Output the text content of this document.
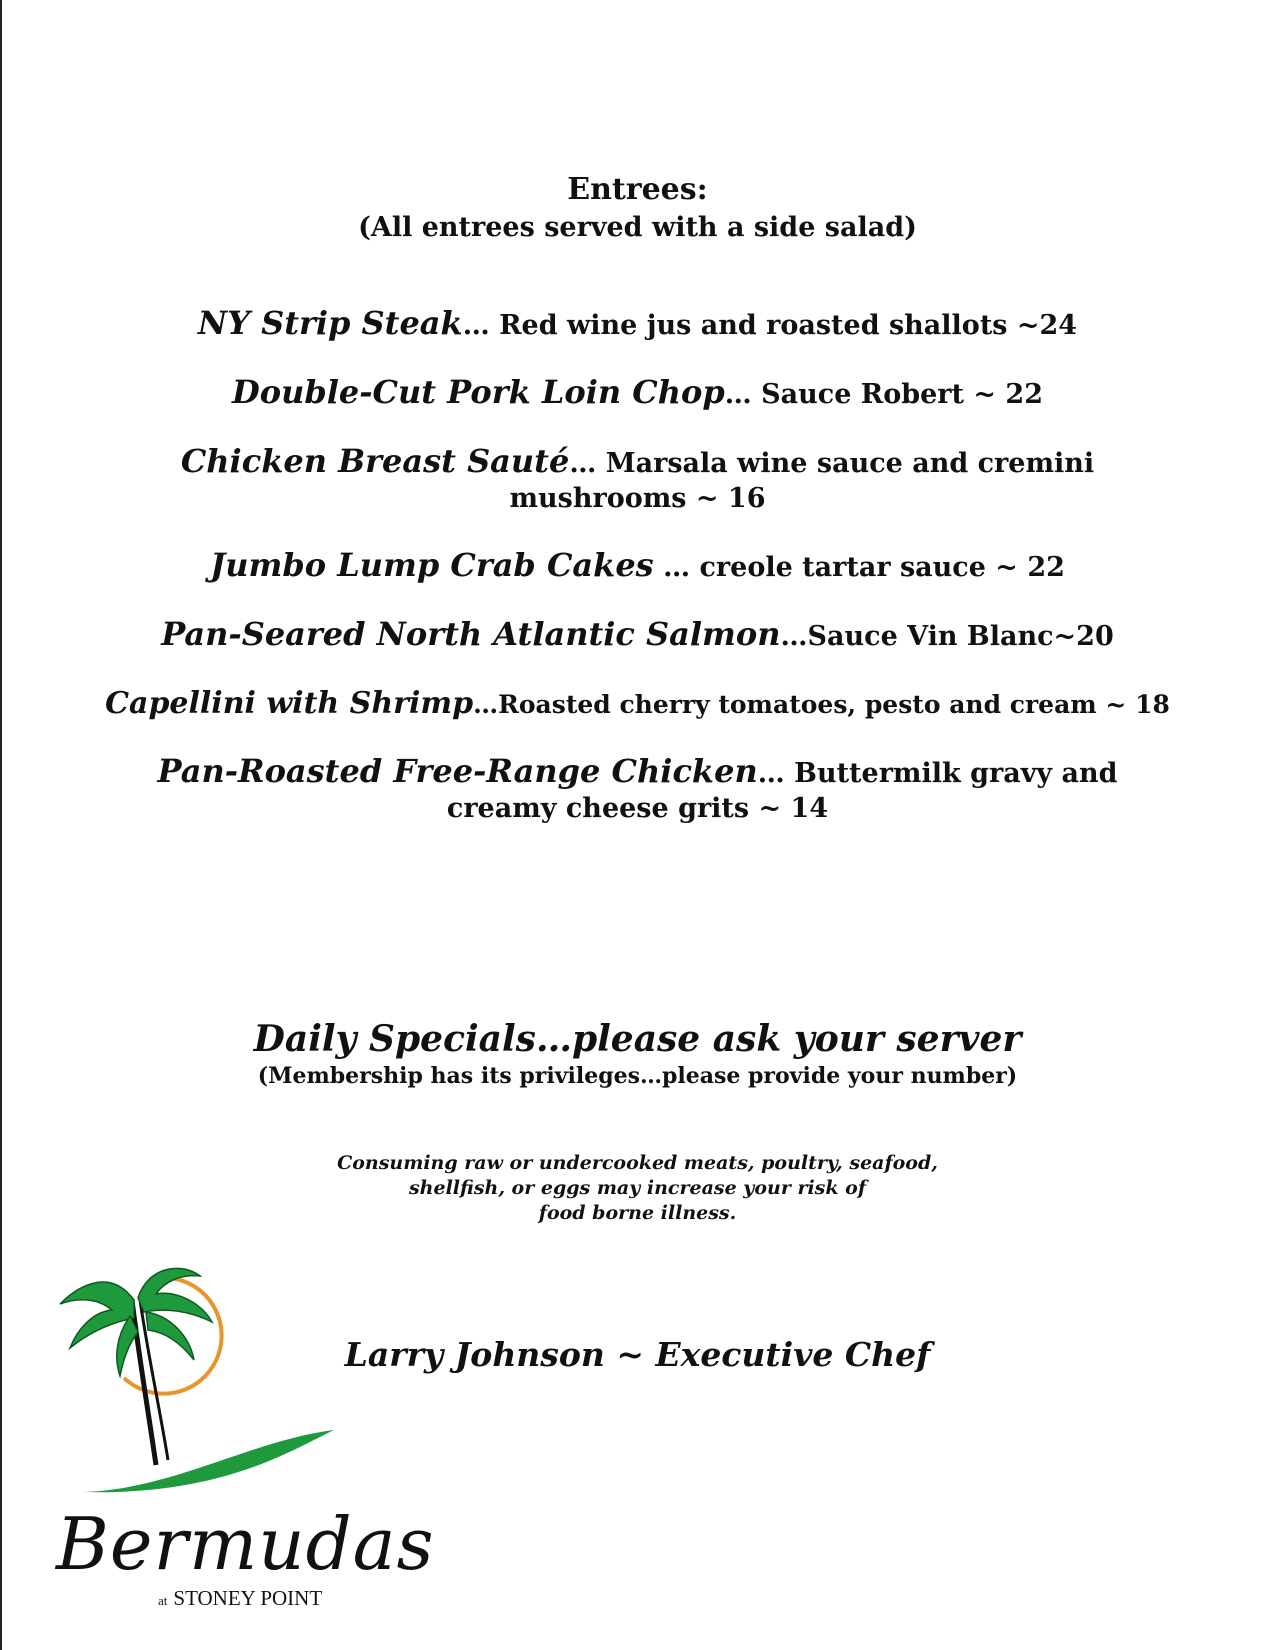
Entrees:
(All entrees served with a side salad)
NY Strip Steak… Red wine jus and roasted shallots ~24
Double-Cut Pork Loin Chop… Sauce Robert ~ 22
Chicken Breast Sauté… Marsala wine sauce and cremini mushrooms ~ 16
Jumbo Lump Crab Cakes … creole tartar sauce ~ 22
Pan-Seared North Atlantic Salmon…Sauce Vin Blanc~20
Capellini with Shrimp…Roasted cherry tomatoes, pesto and cream ~ 18
Pan-Roasted Free-Range Chicken… Buttermilk gravy and creamy cheese grits ~ 14
Daily Specials…please ask your server
(Membership has its privileges…please provide your number)
Consuming raw or undercooked meats, poultry, seafood,
shellfish, or eggs may increase your risk of
food borne illness.
Larry Johnson ~ Executive Chef
Bermudas
at STONEY POINT
